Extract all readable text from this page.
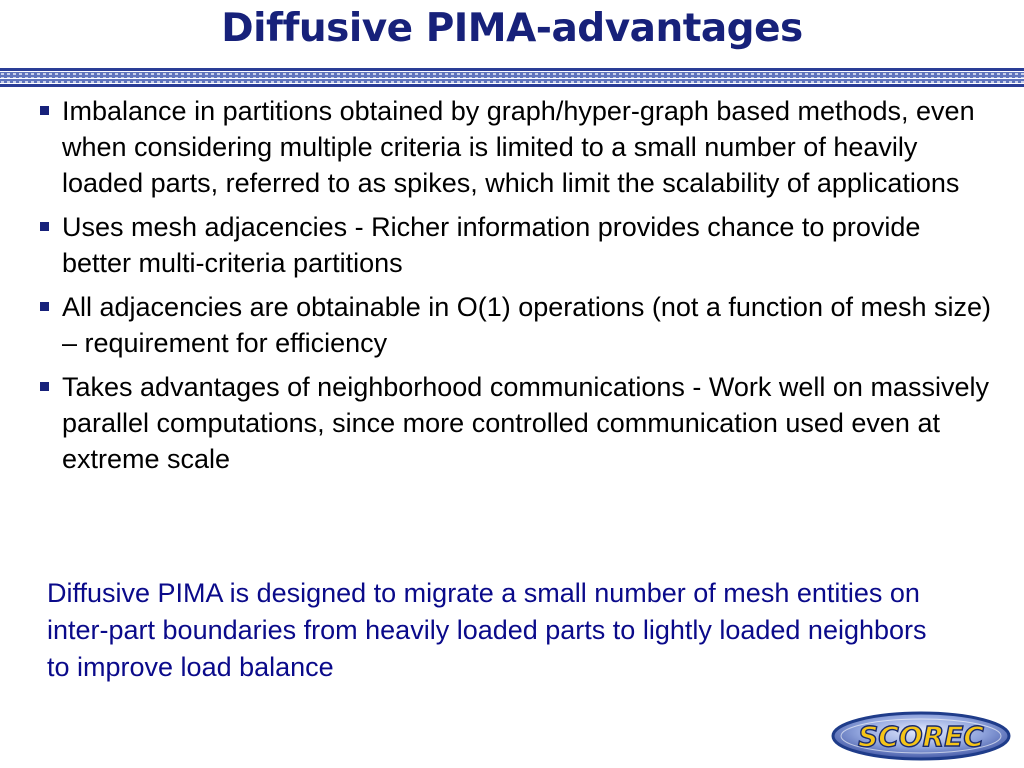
Diffusive PIMA-advantages
Imbalance in partitions obtained by graph/hyper-graph based methods, even when considering multiple criteria is limited to a small number of heavily loaded parts, referred to as spikes, which limit the scalability of applications
Uses mesh adjacencies - Richer information provides chance to provide better multi-criteria partitions
All adjacencies are obtainable in O(1) operations (not a function of mesh size) – requirement for efficiency
Takes advantages of neighborhood communications - Work well on massively parallel computations, since more controlled communication used even at extreme scale

Diffusive PIMA is designed to migrate a small number of mesh entities on inter-part boundaries from heavily loaded parts to lightly loaded neighbors to improve load balance

SCOREC
